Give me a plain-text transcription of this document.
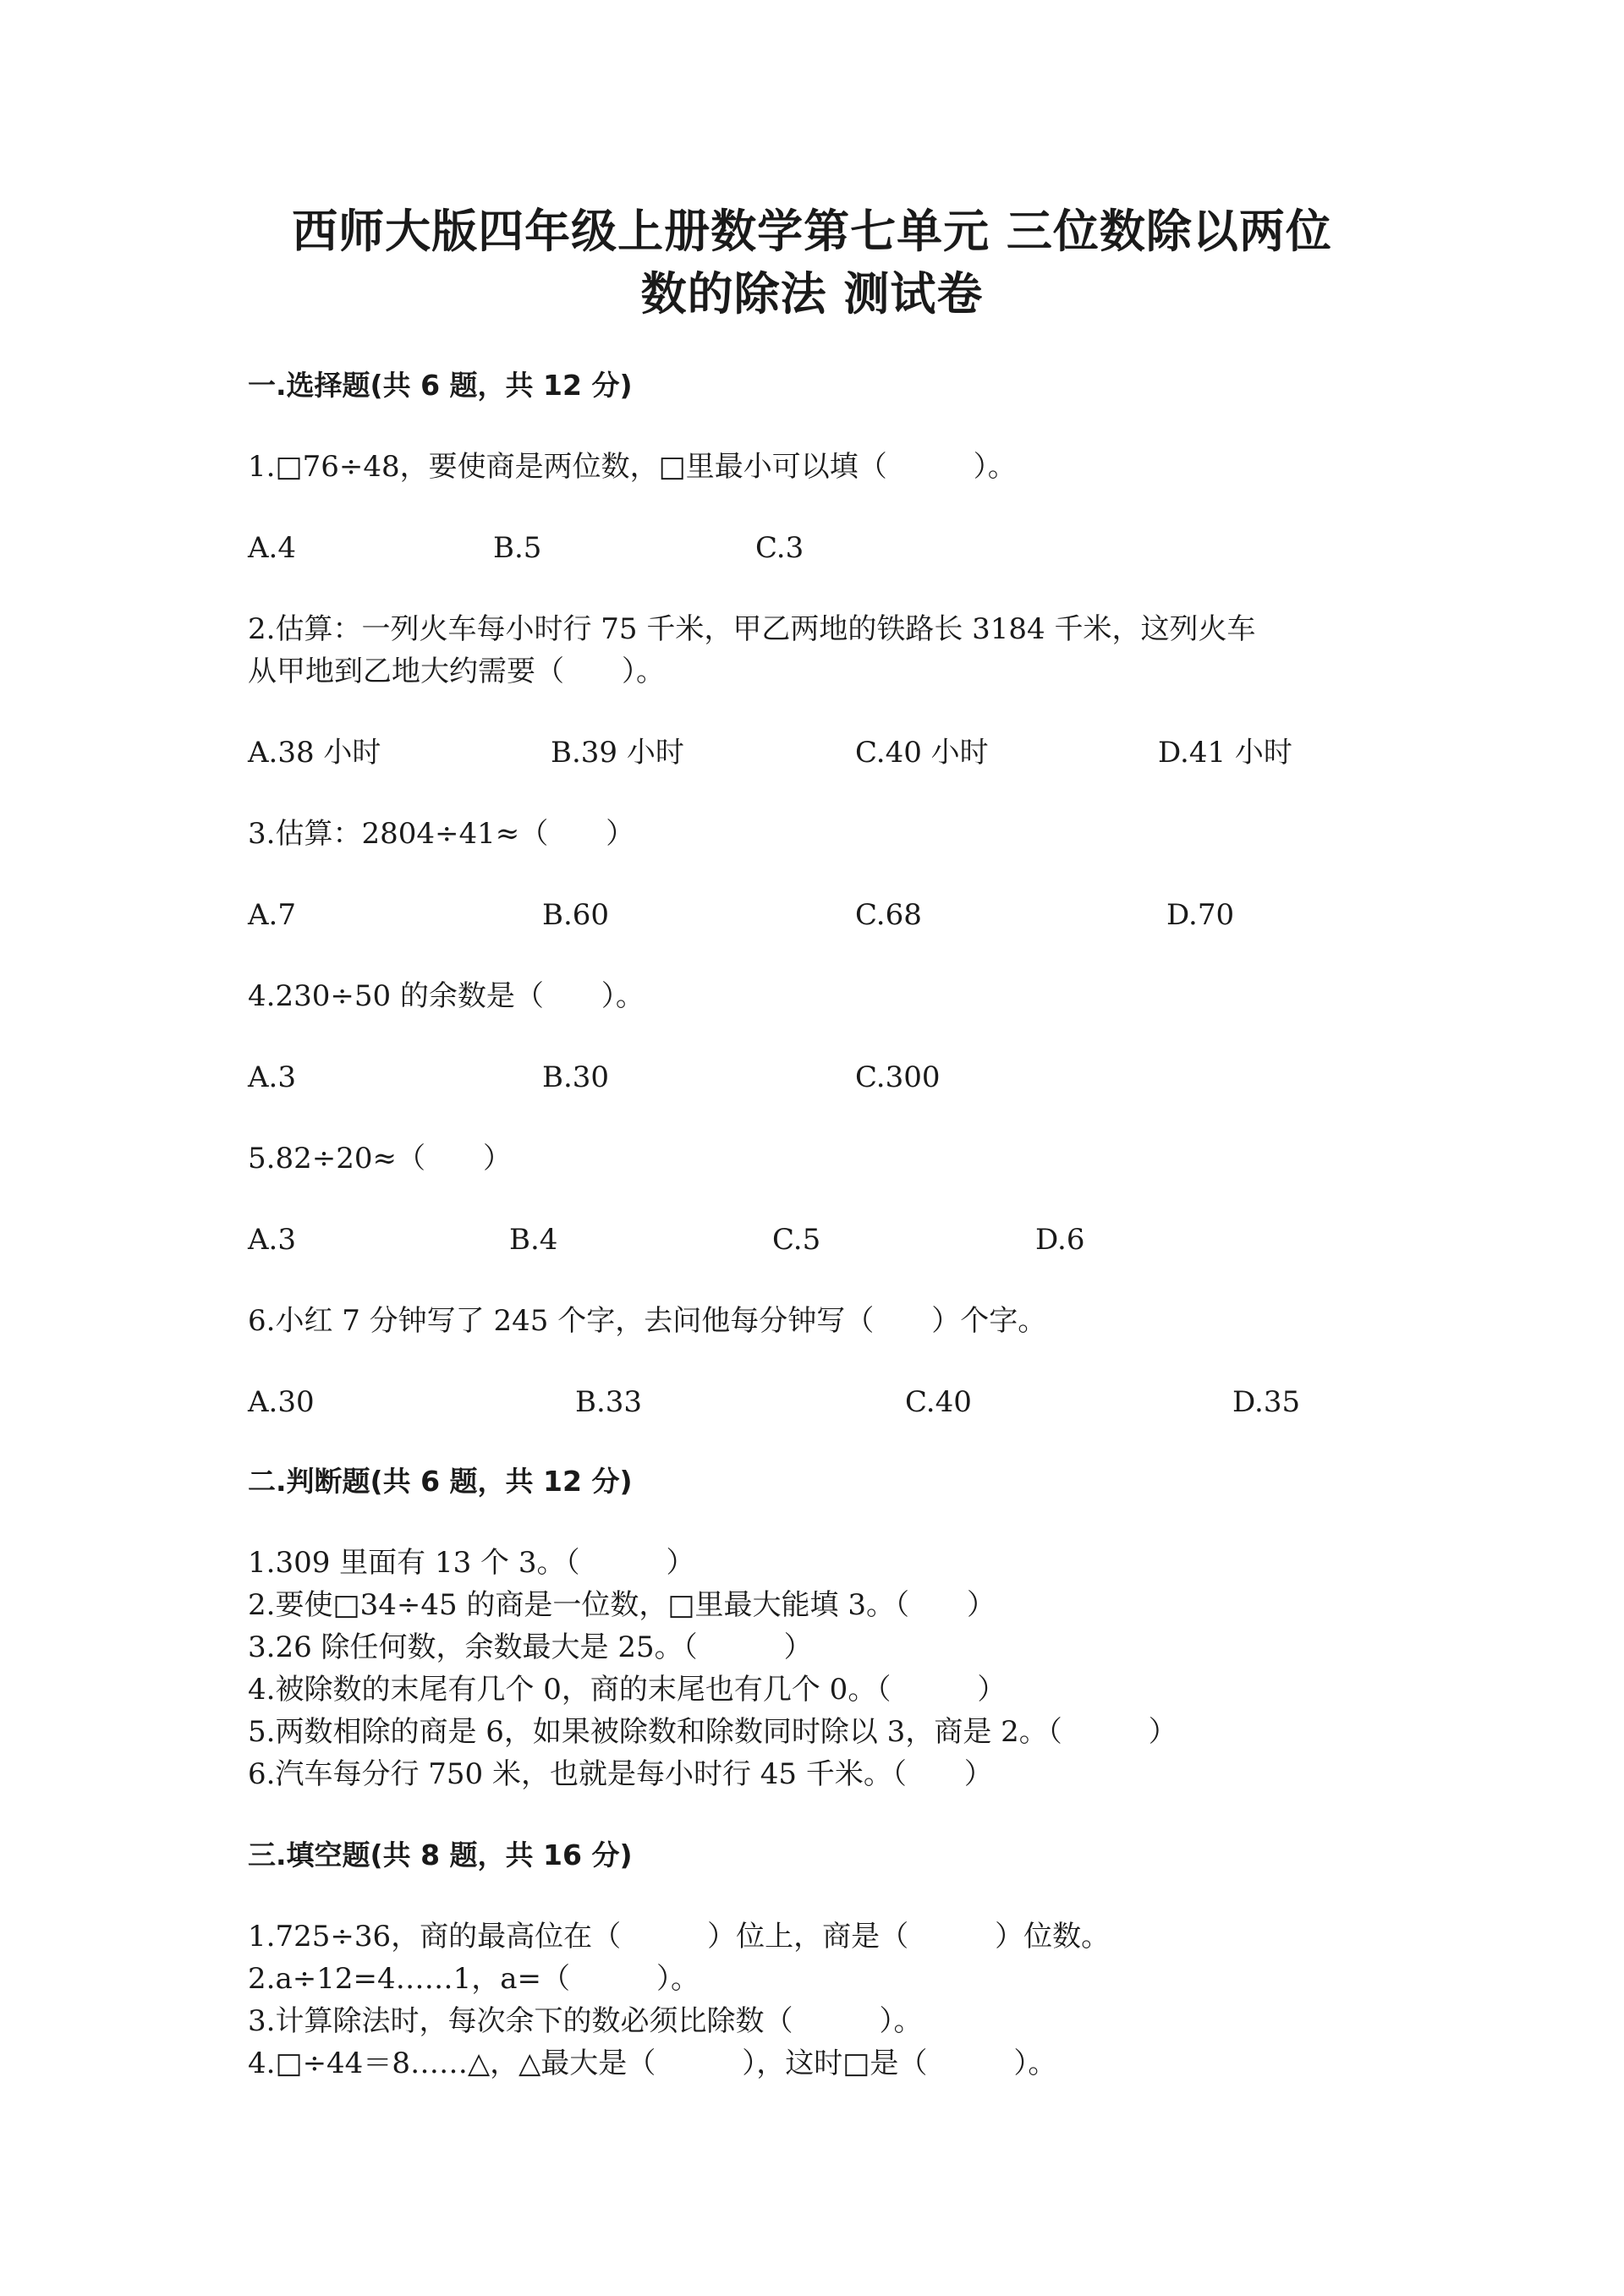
西师大版四年级上册数学第七单元 三位数除以两位
数的除法 测试卷
一.选择题(共 6 题，共 12 分)
1.□76÷48，要使商是两位数，□里最小可以填（　　　）。
A.4	B.5	C.3
2.估算：一列火车每小时行 75 千米，甲乙两地的铁路长 3184 千米，这列火车
从甲地到乙地大约需要（　　）。
A.38 小时	B.39 小时	C.40 小时	D.41 小时
3.估算：2804÷41≈（　　）
A.7	B.60	C.68	D.70
4.230÷50 的余数是（　　）。
A.3	B.30	C.300
5.82÷20≈（　　）
A.3	B.4	C.5	D.6
6.小红 7 分钟写了 245 个字，去问他每分钟写（　　）个字。
A.30	B.33	C.40	D.35
二.判断题(共 6 题，共 12 分)
1.309 里面有 13 个 3。（　　　）
2.要使□34÷45 的商是一位数，□里最大能填 3。（　　）
3.26 除任何数，余数最大是 25。（　　　）
4.被除数的末尾有几个 0，商的末尾也有几个 0。（　　　）
5.两数相除的商是 6，如果被除数和除数同时除以 3，商是 2。（　　　）
6.汽车每分行 750 米，也就是每小时行 45 千米。（　　）
三.填空题(共 8 题，共 16 分)
1.725÷36，商的最高位在（　　　）位上，商是（　　　）位数。
2.a÷12=4……1，a=（　　　）。
3.计算除法时，每次余下的数必须比除数（　　　）。
4.□÷44＝8……△，△最大是（　　　），这时□是（　　　）。
